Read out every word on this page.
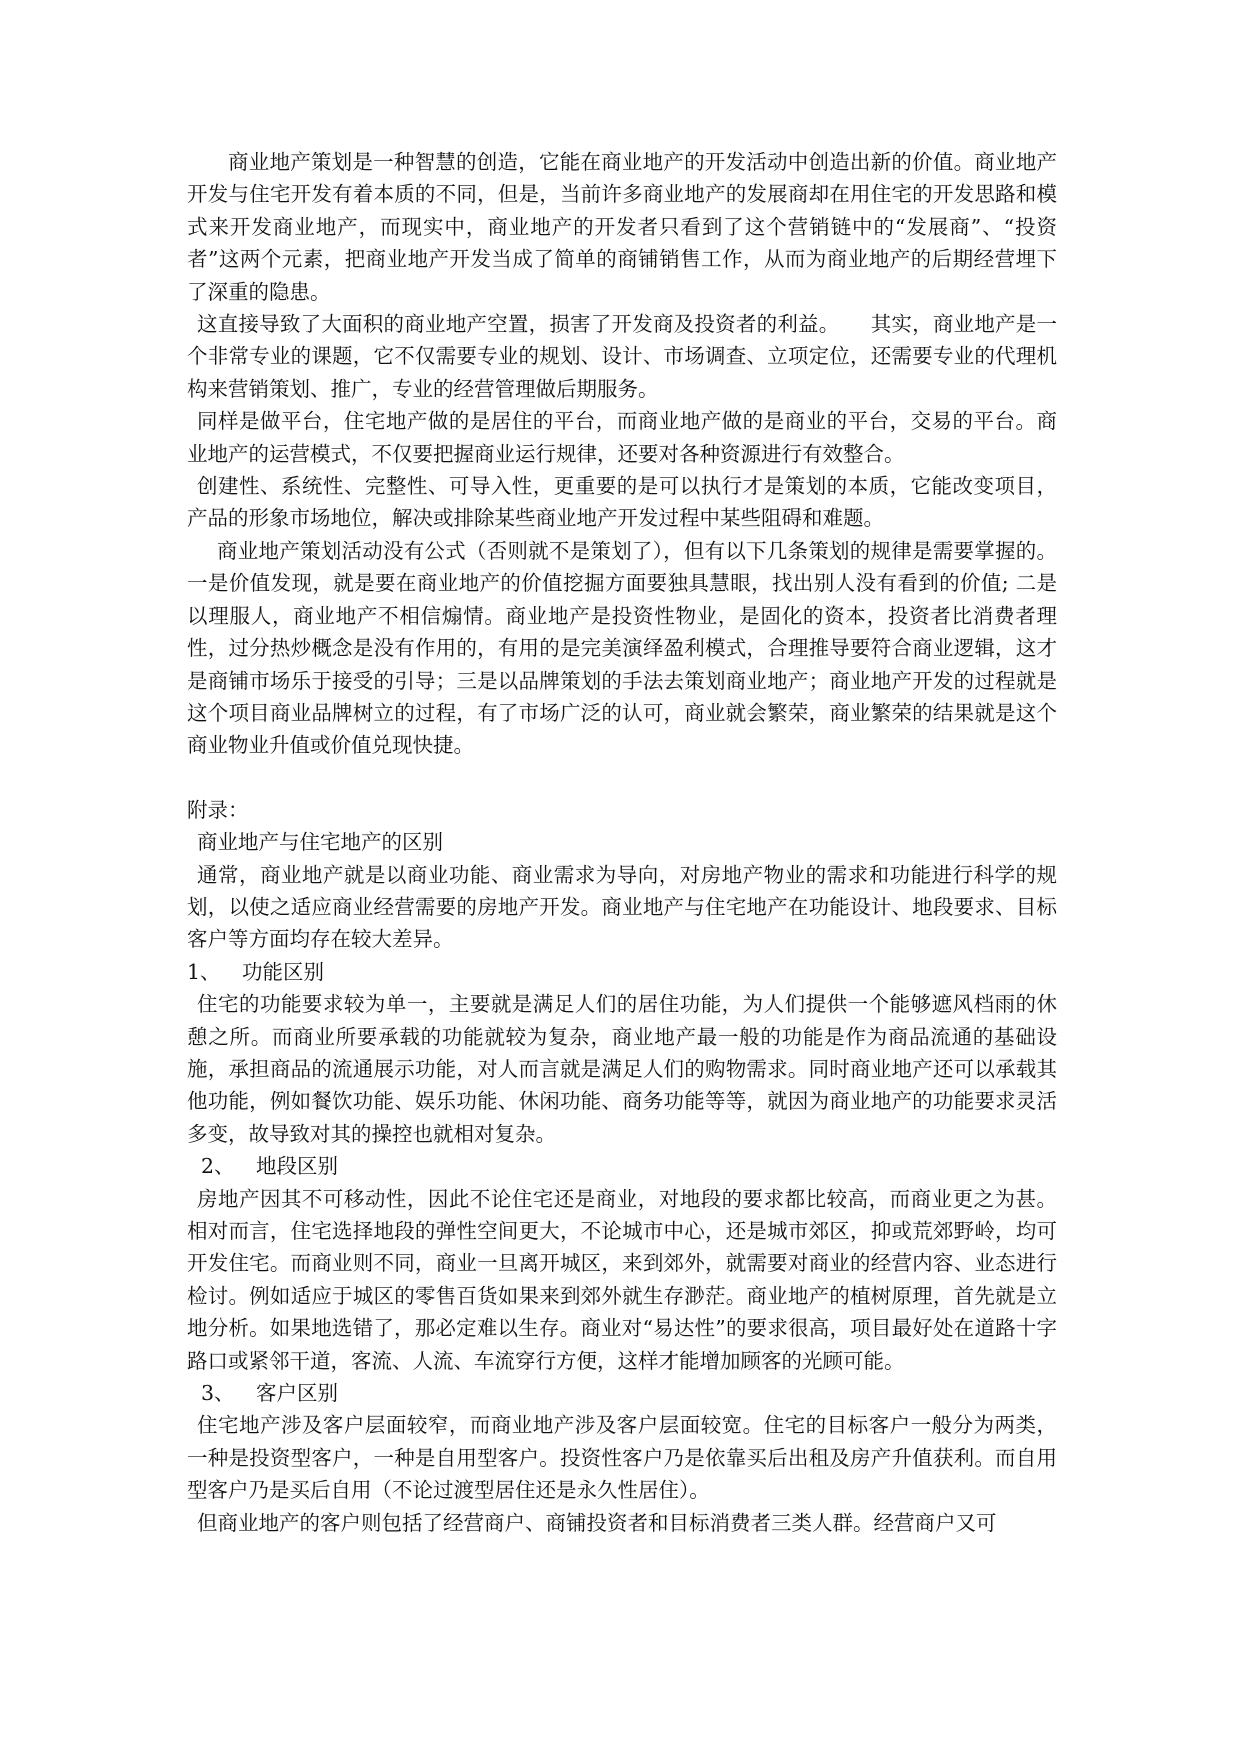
商业地产策划是一种智慧的创造，它能在商业地产的开发活动中创造出新的价值。商业地产开发与住宅开发有着本质的不同，但是，当前许多商业地产的发展商却在用住宅的开发思路和模式来开发商业地产，而现实中，商业地产的开发者只看到了这个营销链中的“发展商”、“投资者”这两个元素，把商业地产开发当成了简单的商铺销售工作，从而为商业地产的后期经营埋下了深重的隐患。

这直接导致了大面积的商业地产空置，损害了开发商及投资者的利益。　　其实，商业地产是一个非常专业的课题，它不仅需要专业的规划、设计、市场调查、立项定位，还需要专业的代理机构来营销策划、推广，专业的经营管理做后期服务。

同样是做平台，住宅地产做的是居住的平台，而商业地产做的是商业的平台，交易的平台。商业地产的运营模式，不仅要把握商业运行规律，还要对各种资源进行有效整合。

创建性、系统性、完整性、可导入性，更重要的是可以执行才是策划的本质，它能改变项目，产品的形象市场地位，解决或排除某些商业地产开发过程中某些阻碍和难题。

商业地产策划活动没有公式（否则就不是策划了），但有以下几条策划的规律是需要掌握的。一是价值发现，就是要在商业地产的价值挖掘方面要独具慧眼，找出别人没有看到的价值; 二是以理服人，商业地产不相信煽情。商业地产是投资性物业，是固化的资本，投资者比消费者理性，过分热炒概念是没有作用的，有用的是完美演绎盈利模式，合理推导要符合商业逻辑，这才是商铺市场乐于接受的引导；三是以品牌策划的手法去策划商业地产；商业地产开发的过程就是这个项目商业品牌树立的过程，有了市场广泛的认可，商业就会繁荣，商业繁荣的结果就是这个商业物业升值或价值兑现快捷。

附录：

商业地产与住宅地产的区别

通常，商业地产就是以商业功能、商业需求为导向，对房地产物业的需求和功能进行科学的规划，以使之适应商业经营需要的房地产开发。商业地产与住宅地产在功能设计、地段要求、目标客户等方面均存在较大差异。

1、 功能区别

住宅的功能要求较为单一，主要就是满足人们的居住功能，为人们提供一个能够遮风档雨的休憩之所。而商业所要承载的功能就较为复杂，商业地产最一般的功能是作为商品流通的基础设施，承担商品的流通展示功能，对人而言就是满足人们的购物需求。同时商业地产还可以承载其他功能，例如餐饮功能、娱乐功能、休闲功能、商务功能等等，就因为商业地产的功能要求灵活多变，故导致对其的操控也就相对复杂。

2、 地段区别

房地产因其不可移动性，因此不论住宅还是商业，对地段的要求都比较高，而商业更之为甚。相对而言，住宅选择地段的弹性空间更大，不论城市中心，还是城市郊区，抑或荒郊野岭，均可开发住宅。而商业则不同，商业一旦离开城区，来到郊外，就需要对商业的经营内容、业态进行检讨。例如适应于城区的零售百货如果来到郊外就生存渺茫。商业地产的植树原理，首先就是立地分析。如果地选错了，那必定难以生存。商业对“易达性”的要求很高，项目最好处在道路十字路口或紧邻干道，客流、人流、车流穿行方便，这样才能增加顾客的光顾可能。

3、 客户区别

住宅地产涉及客户层面较窄，而商业地产涉及客户层面较宽。住宅的目标客户一般分为两类，一种是投资型客户，一种是自用型客户。投资性客户乃是依靠买后出租及房产升值获利。而自用型客户乃是买后自用（不论过渡型居住还是永久性居住）。

但商业地产的客户则包括了经营商户、商铺投资者和目标消费者三类人群。经营商户又可
